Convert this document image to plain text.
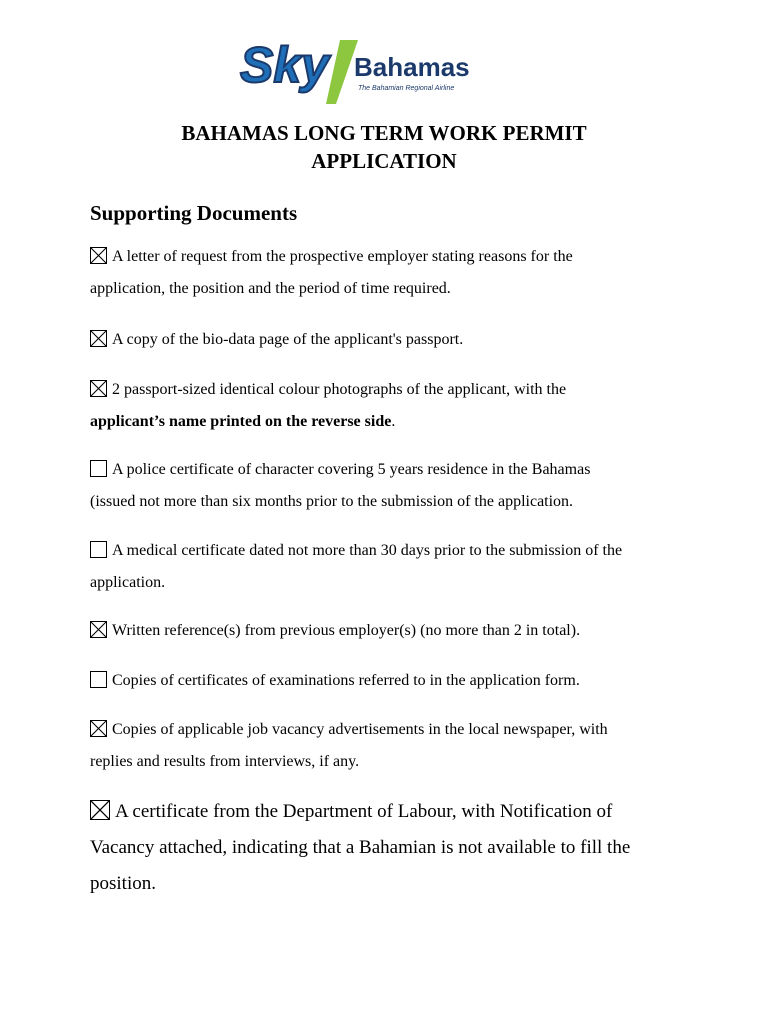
Sky Bahamas
The Bahamian Regional Airline
BAHAMAS LONG TERM WORK PERMIT
APPLICATION
Supporting Documents
A letter of request from the prospective employer stating reasons for the
application, the position and the period of time required.
A copy of the bio-data page of the applicant's passport.
2 passport-sized identical colour photographs of the applicant, with the
applicant’s name printed on the reverse side.
A police certificate of character covering 5 years residence in the Bahamas
(issued not more than six months prior to the submission of the application.
A medical certificate dated not more than 30 days prior to the submission of the
application.
Written reference(s) from previous employer(s) (no more than 2 in total).
Copies of certificates of examinations referred to in the application form.
Copies of applicable job vacancy advertisements in the local newspaper, with
replies and results from interviews, if any.
A certificate from the Department of Labour, with Notification of
Vacancy attached, indicating that a Bahamian is not available to fill the
position.
